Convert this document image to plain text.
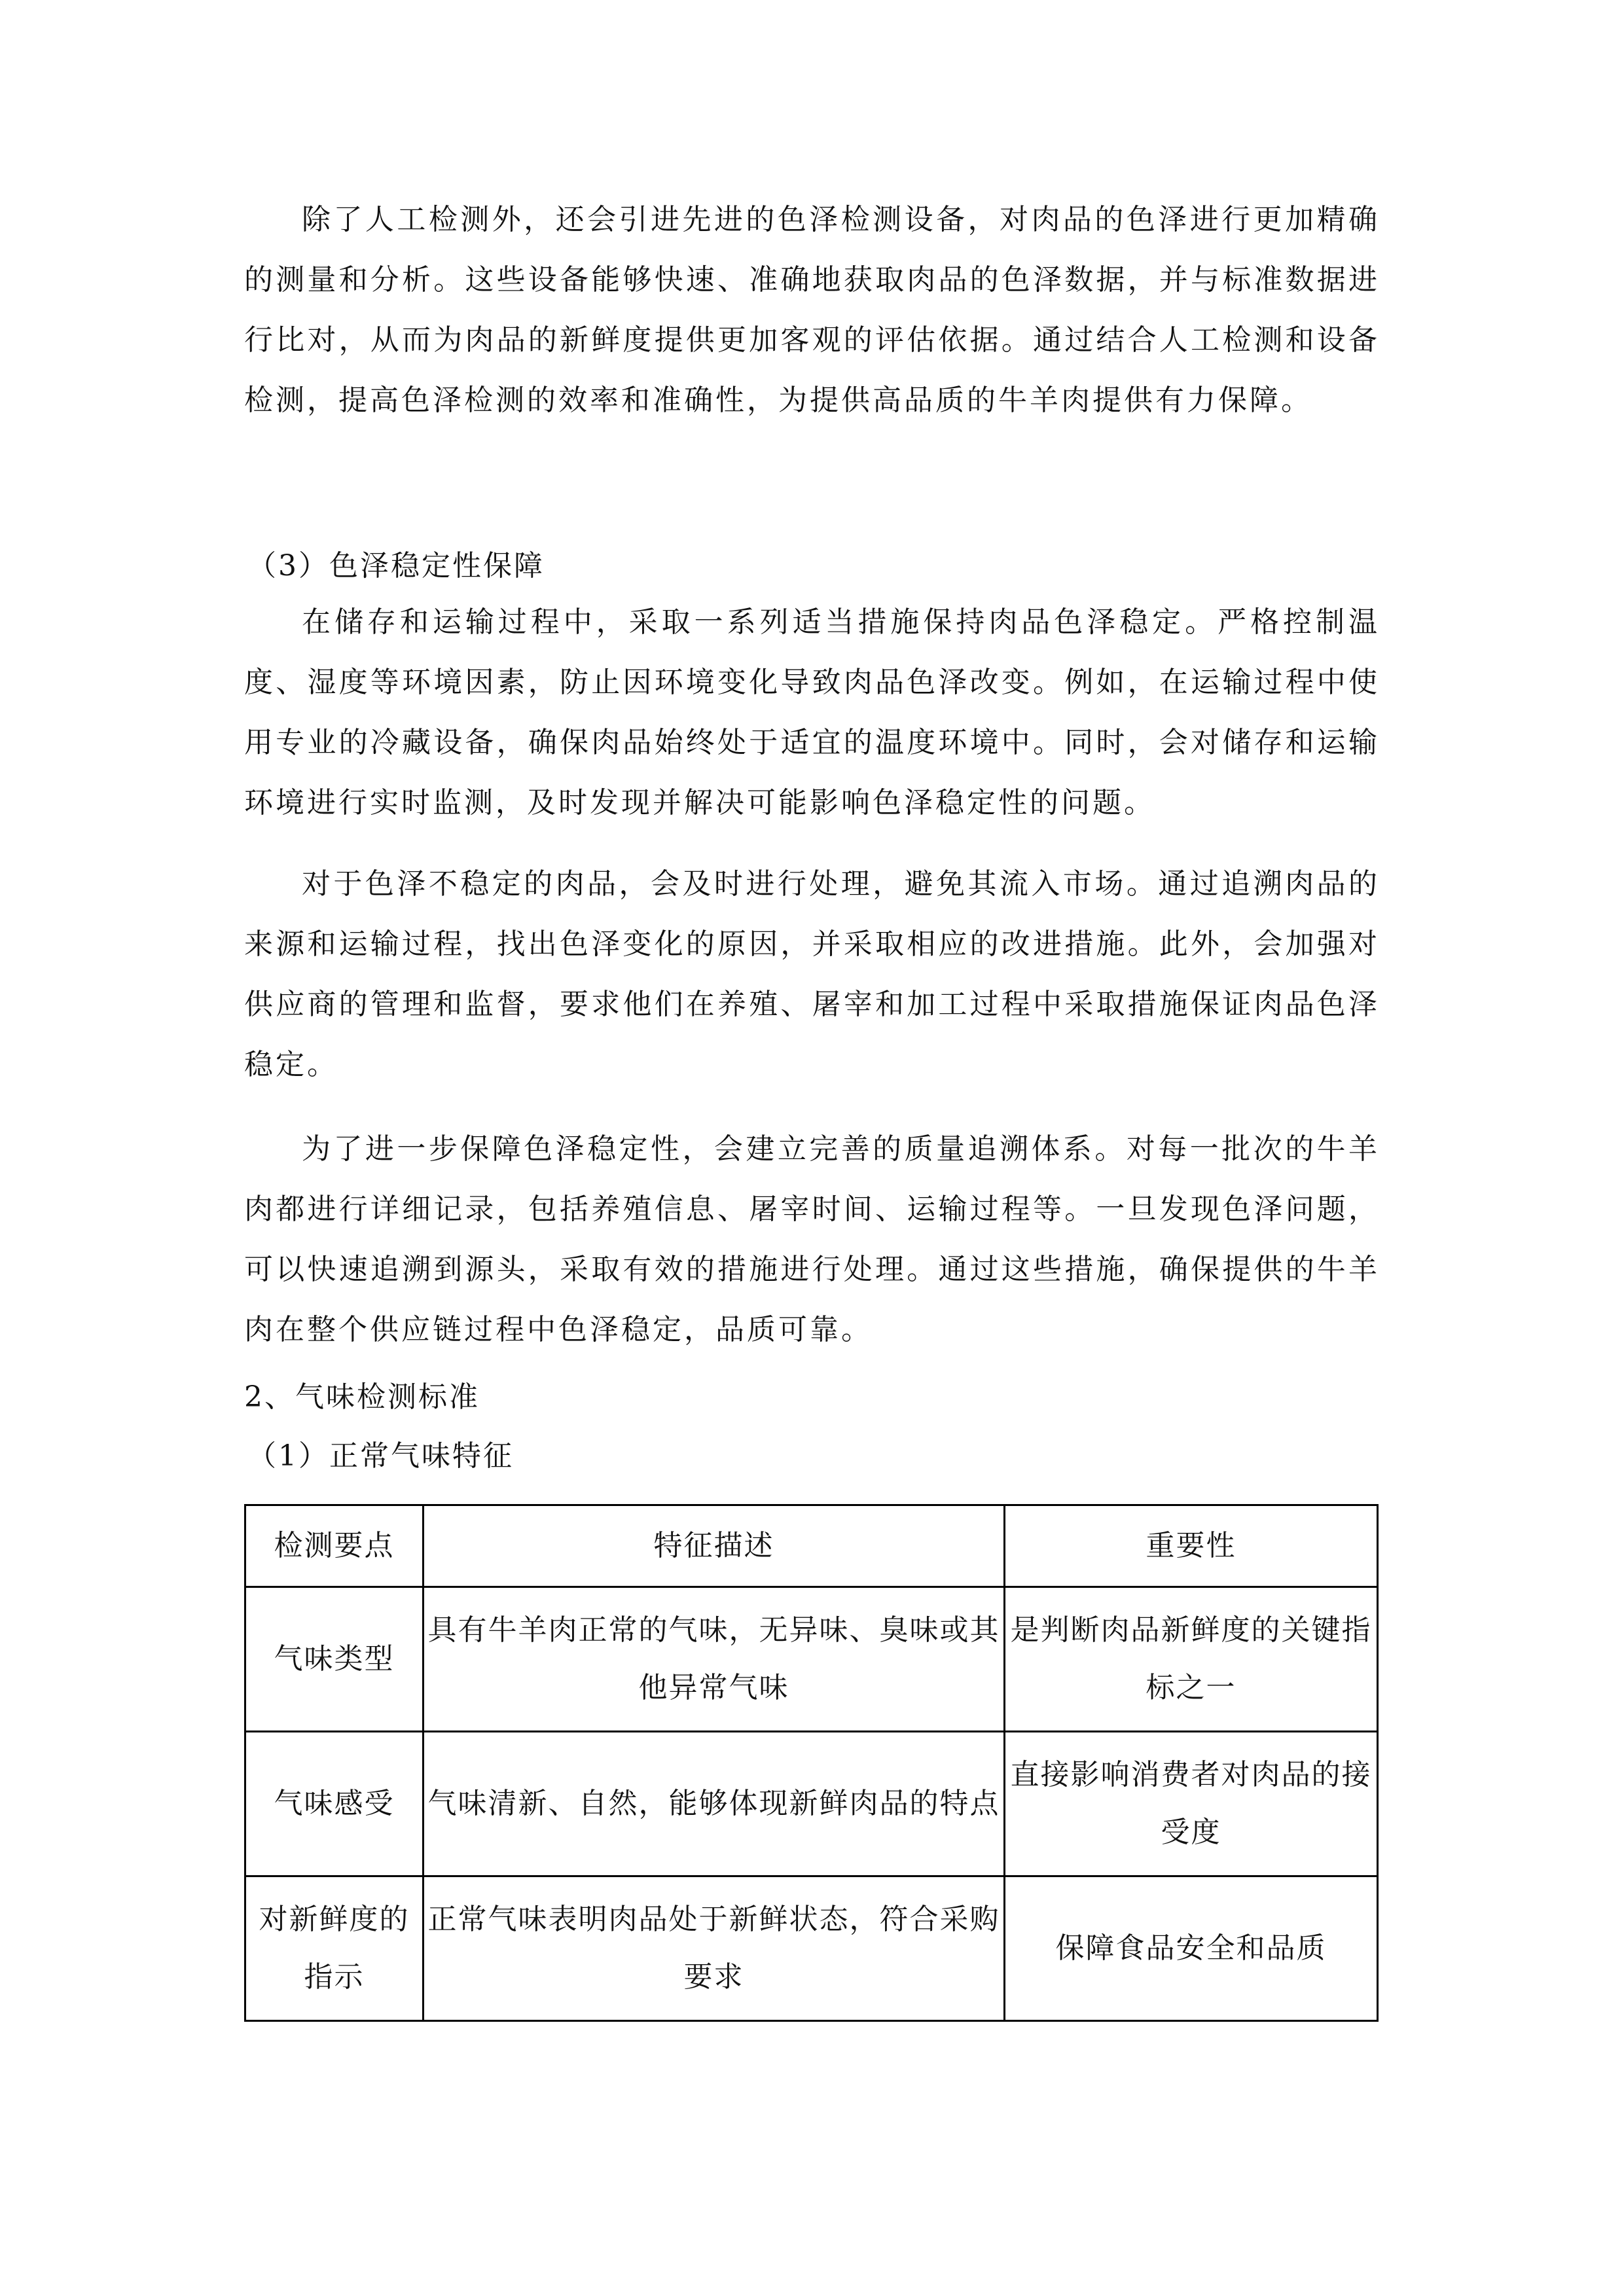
除了人工检测外，还会引进先进的色泽检测设备，对肉品的色泽进行更加精确的测量和分析。这些设备能够快速、准确地获取肉品的色泽数据，并与标准数据进行比对，从而为肉品的新鲜度提供更加客观的评估依据。通过结合人工检测和设备检测，提高色泽检测的效率和准确性，为提供高品质的牛羊肉提供有力保障。

（3）色泽稳定性保障

在储存和运输过程中，采取一系列适当措施保持肉品色泽稳定。严格控制温度、湿度等环境因素，防止因环境变化导致肉品色泽改变。例如，在运输过程中使用专业的冷藏设备，确保肉品始终处于适宜的温度环境中。同时，会对储存和运输环境进行实时监测，及时发现并解决可能影响色泽稳定性的问题。

对于色泽不稳定的肉品，会及时进行处理，避免其流入市场。通过追溯肉品的来源和运输过程，找出色泽变化的原因，并采取相应的改进措施。此外，会加强对供应商的管理和监督，要求他们在养殖、屠宰和加工过程中采取措施保证肉品色泽稳定。

为了进一步保障色泽稳定性，会建立完善的质量追溯体系。对每一批次的牛羊肉都进行详细记录，包括养殖信息、屠宰时间、运输过程等。一旦发现色泽问题，可以快速追溯到源头，采取有效的措施进行处理。通过这些措施，确保提供的牛羊肉在整个供应链过程中色泽稳定，品质可靠。

2、气味检测标准

（1）正常气味特征

检测要点	特征描述	重要性
气味类型	具有牛羊肉正常的气味，无异味、臭味或其他异常气味	是判断肉品新鲜度的关键指标之一
气味感受	气味清新、自然，能够体现新鲜肉品的特点	直接影响消费者对肉品的接受度
对新鲜度的指示	正常气味表明肉品处于新鲜状态，符合采购要求	保障食品安全和品质
